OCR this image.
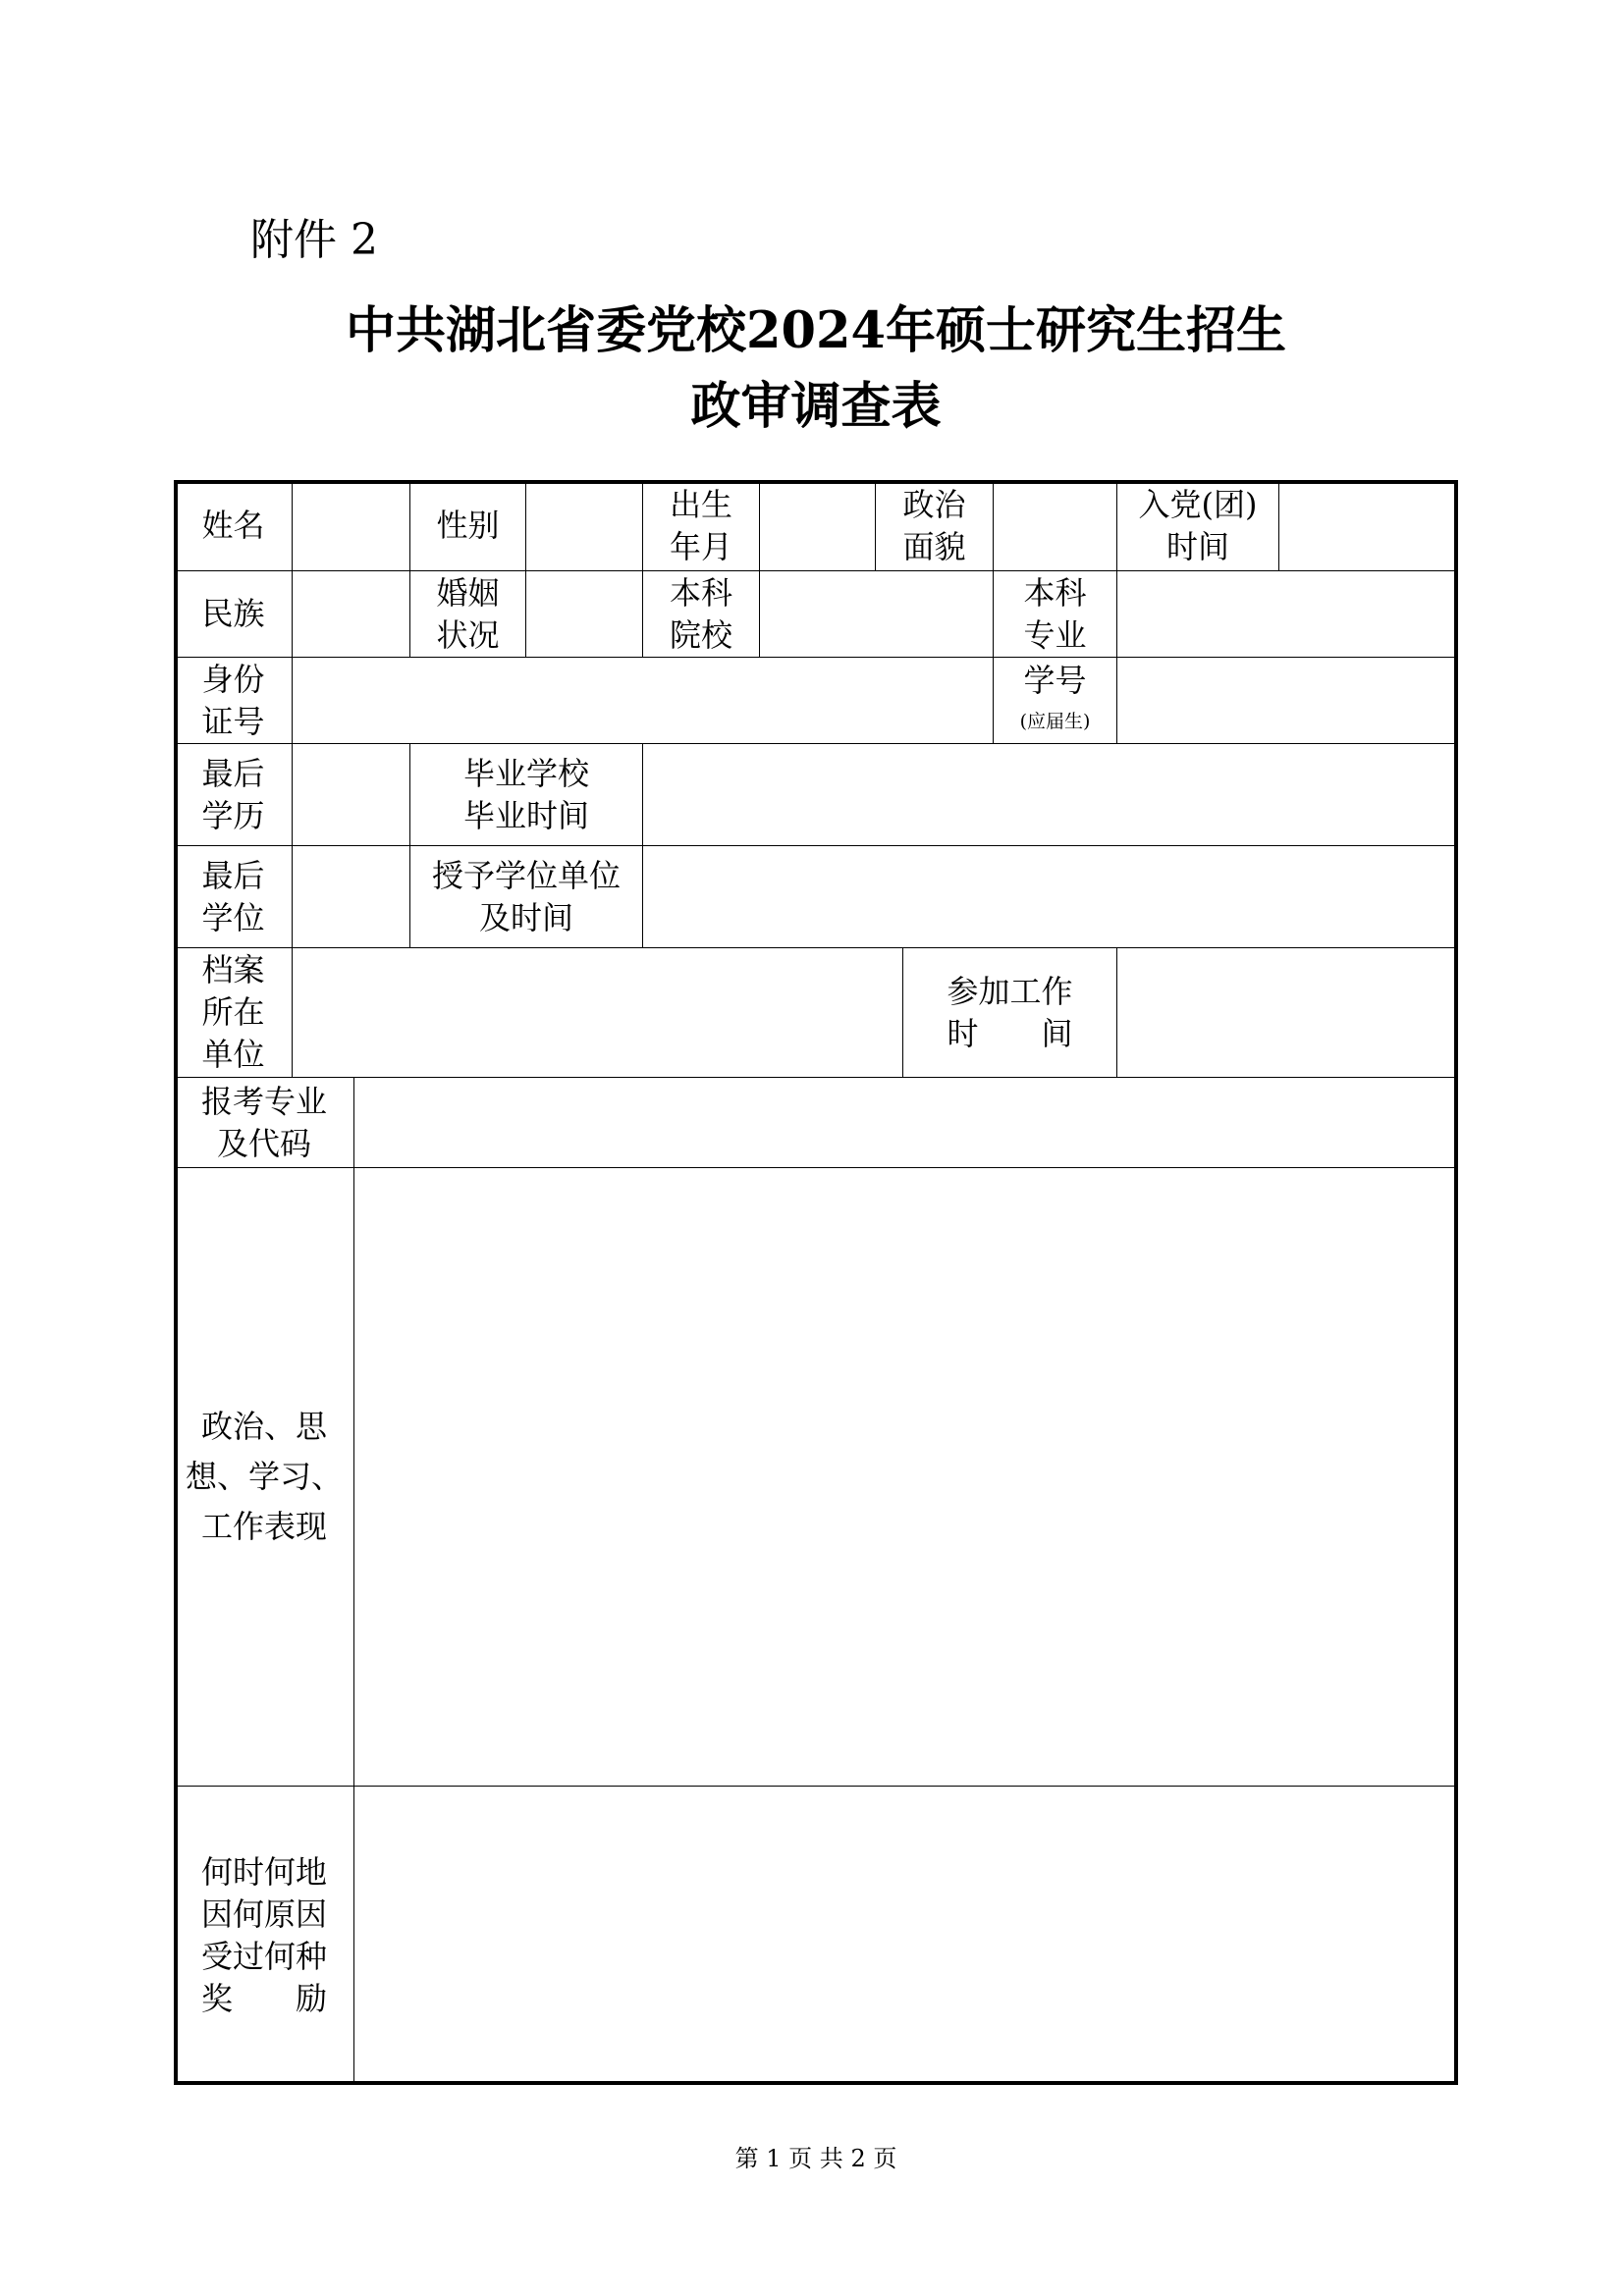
附件 2
中共湖北省委党校2024年硕士研究生招生
政审调查表
姓名	性别
出生
年月
政治
面貌
入党(团)
时间
民族
婚姻
状况
本科
院校
本科
专业
身份
证号
学号
(应届生)
最后
学历
毕业学校
毕业时间
最后
学位
授予学位单位
及时间
档案
所在
单位
参加工作
时　　间
报考专业
及代码
政治、思
想、学习、
工作表现
何时何地
因何原因
受过何种
奖　　励
第 1 页 共 2 页
